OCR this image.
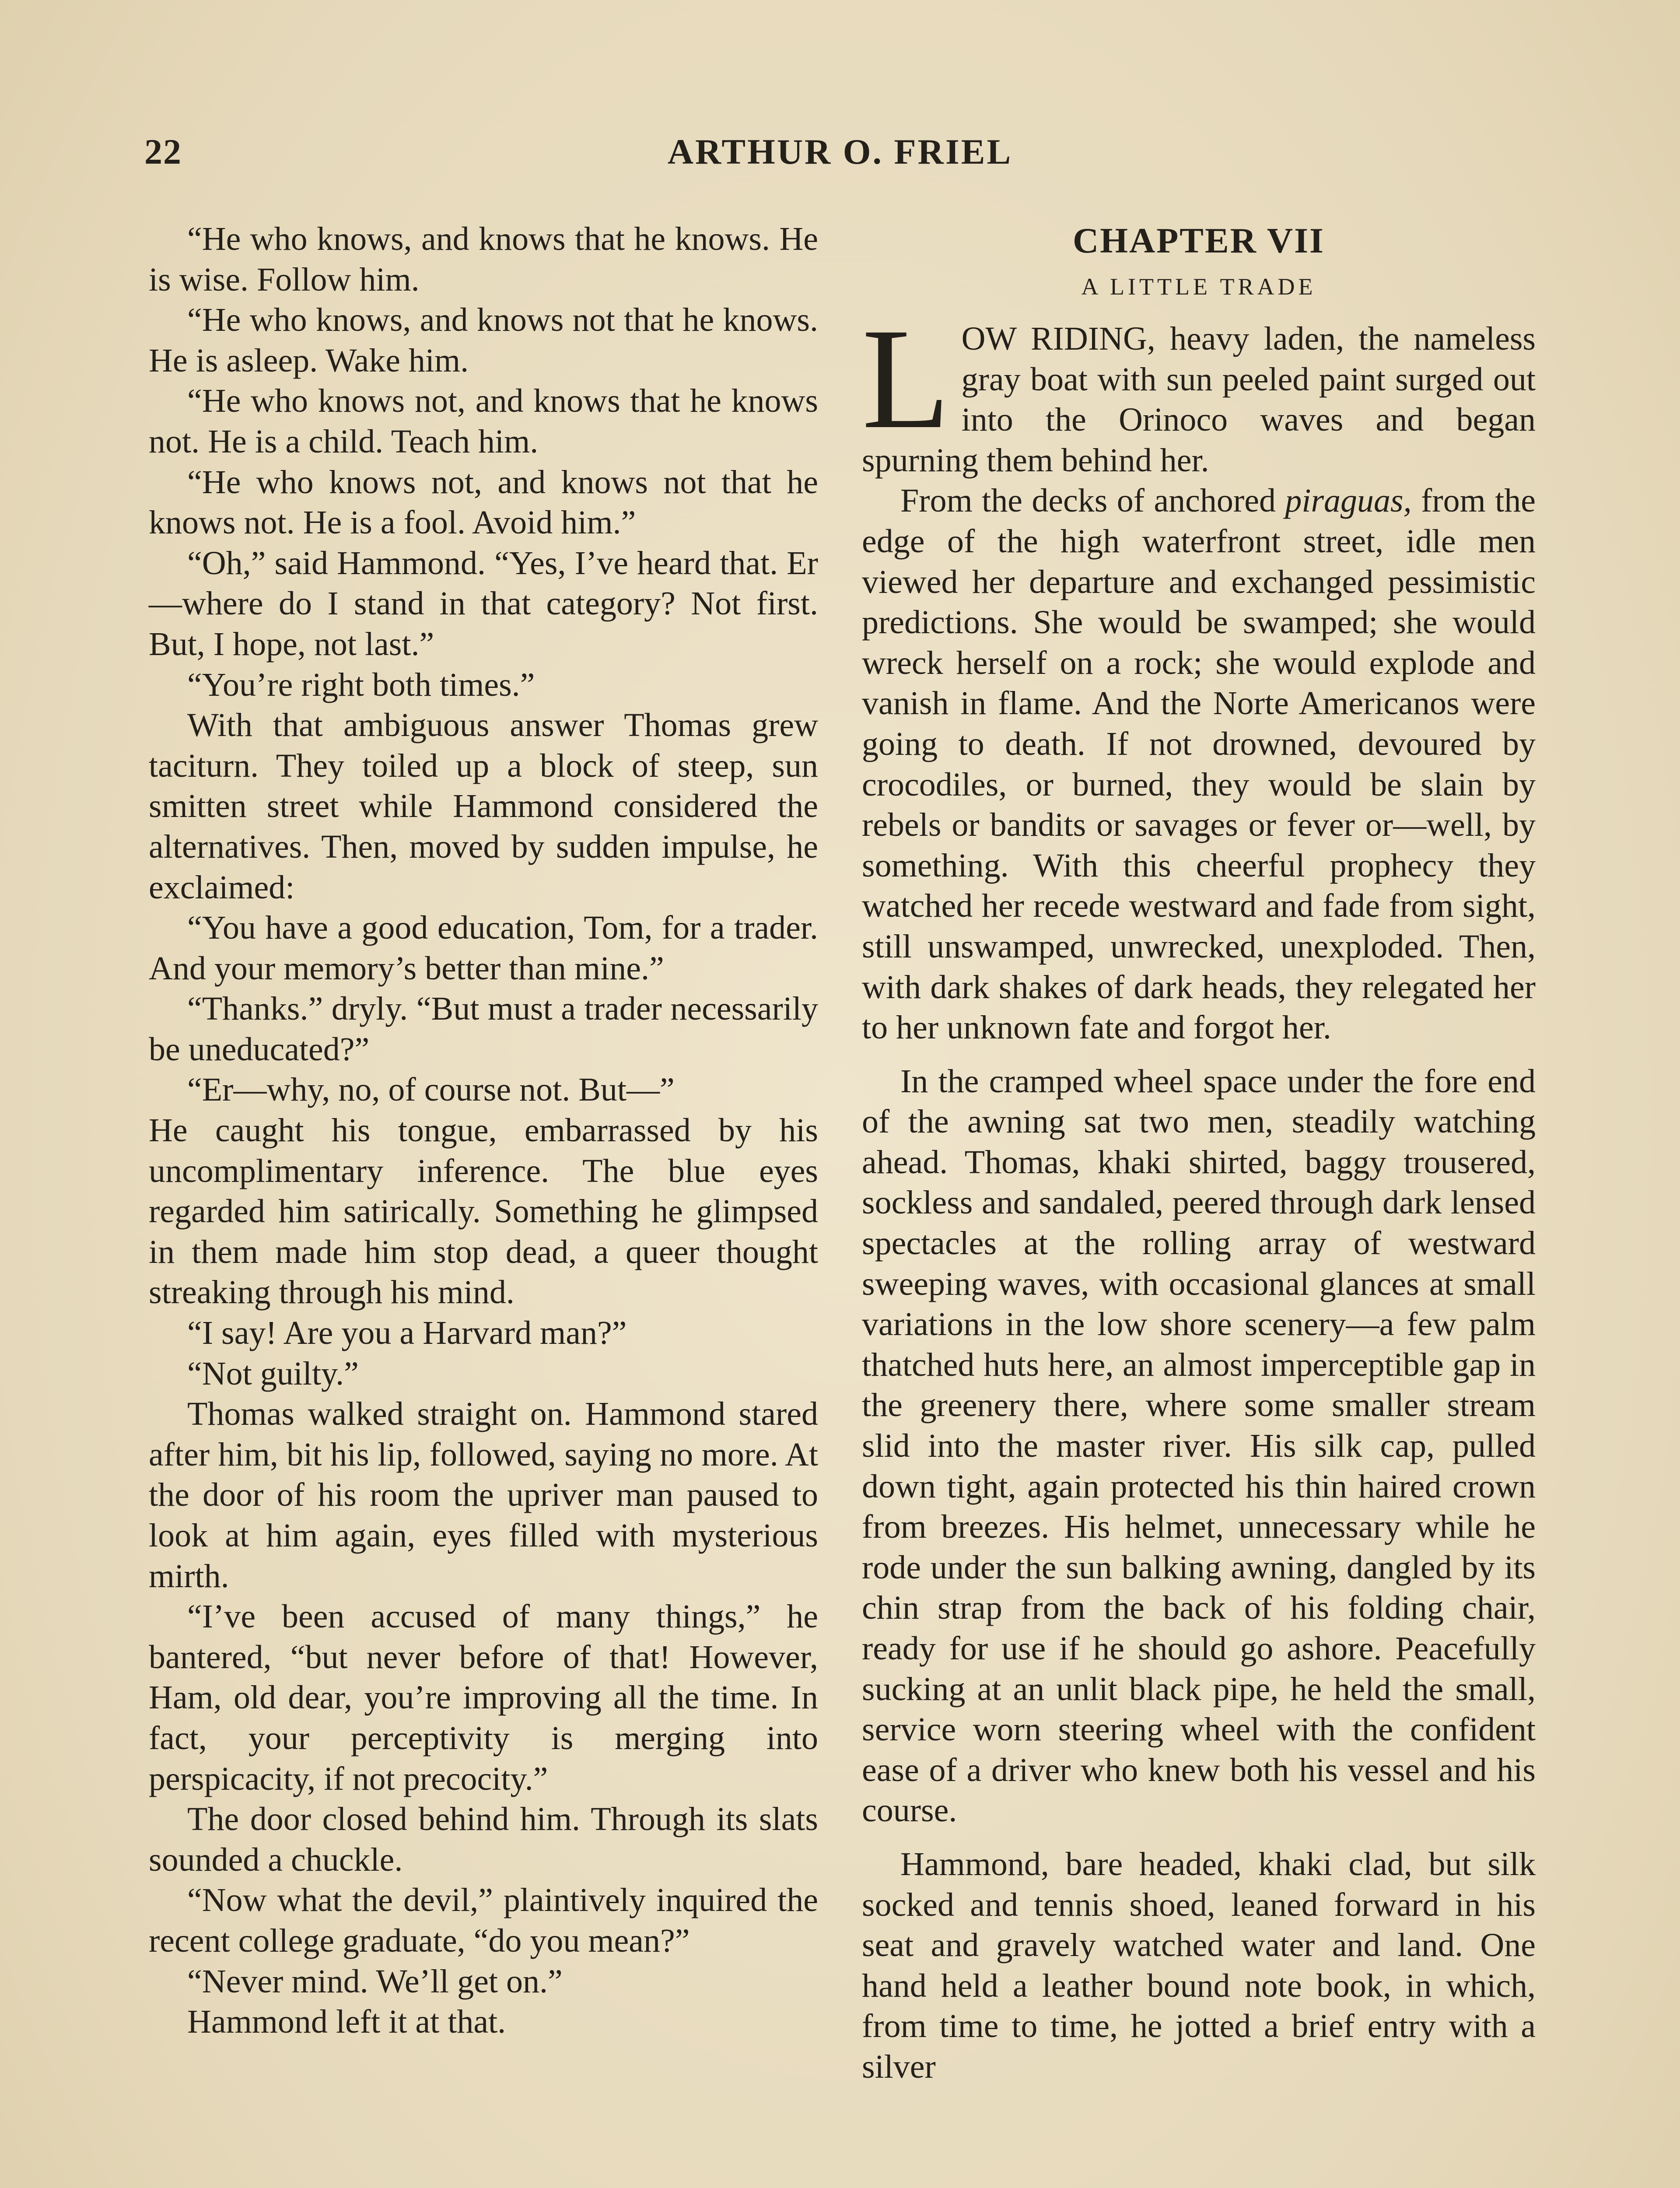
22	ARTHUR O. FRIEL

“He who knows, and knows that he knows. He is wise. Follow him.

“He who knows, and knows not that he knows. He is asleep. Wake him.

“He who knows not, and knows that he knows not. He is a child. Teach him.

“He who knows not, and knows not that he knows not. He is a fool. Avoid him.”

“Oh,” said Hammond. “Yes, I’ve heard that. Er—where do I stand in that category? Not first. But, I hope, not last.”

“You’re right both times.”

With that ambiguous answer Thomas grew taciturn. They toiled up a block of steep, sun smitten street while Hammond considered the alternatives. Then, moved by sudden impulse, he exclaimed:

“You have a good education, Tom, for a trader. And your memory’s better than mine.”

“Thanks.” dryly. “But must a trader necessarily be uneducated?”

“Er—why, no, of course not. But—”

He caught his tongue, embarrassed by his uncomplimentary inference. The blue eyes regarded him satirically. Something he glimpsed in them made him stop dead, a queer thought streaking through his mind.

“I say! Are you a Harvard man?”

“Not guilty.”

Thomas walked straight on. Hammond stared after him, bit his lip, followed, saying no more. At the door of his room the upriver man paused to look at him again, eyes filled with mysterious mirth.

“I’ve been accused of many things,” he bantered, “but never before of that! However, Ham, old dear, you’re improving all the time. In fact, your perceptivity is merging into perspicacity, if not precocity.”

The door closed behind him. Through its slats sounded a chuckle.

“Now what the devil,” plaintively inquired the recent college graduate, “do you mean?”

“Never mind. We’ll get on.”

Hammond left it at that.

CHAPTER VII
A LITTLE TRADE

LOW RIDING, heavy laden, the nameless gray boat with sun peeled paint surged out into the Orinoco waves and began spurning them behind her.

From the decks of anchored piraguas, from the edge of the high waterfront street, idle men viewed her departure and exchanged pessimistic predictions. She would be swamped; she would wreck herself on a rock; she would explode and vanish in flame. And the Norte Americanos were going to death. If not drowned, devoured by crocodiles, or burned, they would be slain by rebels or bandits or savages or fever or—well, by something. With this cheerful prophecy they watched her recede westward and fade from sight, still unswamped, unwrecked, unexploded. Then, with dark shakes of dark heads, they relegated her to her unknown fate and forgot her.

In the cramped wheel space under the fore end of the awning sat two men, steadily watching ahead. Thomas, khaki shirted, baggy trousered, sockless and sandaled, peered through dark lensed spectacles at the rolling array of westward sweeping waves, with occasional glances at small variations in the low shore scenery—a few palm thatched huts here, an almost imperceptible gap in the greenery there, where some smaller stream slid into the master river. His silk cap, pulled down tight, again protected his thin haired crown from breezes. His helmet, unnecessary while he rode under the sun balking awning, dangled by its chin strap from the back of his folding chair, ready for use if he should go ashore. Peacefully sucking at an unlit black pipe, he held the small, service worn steering wheel with the confident ease of a driver who knew both his vessel and his course.

Hammond, bare headed, khaki clad, but silk socked and tennis shoed, leaned forward in his seat and gravely watched water and land. One hand held a leather bound note book, in which, from time to time, he jotted a brief entry with a silver
